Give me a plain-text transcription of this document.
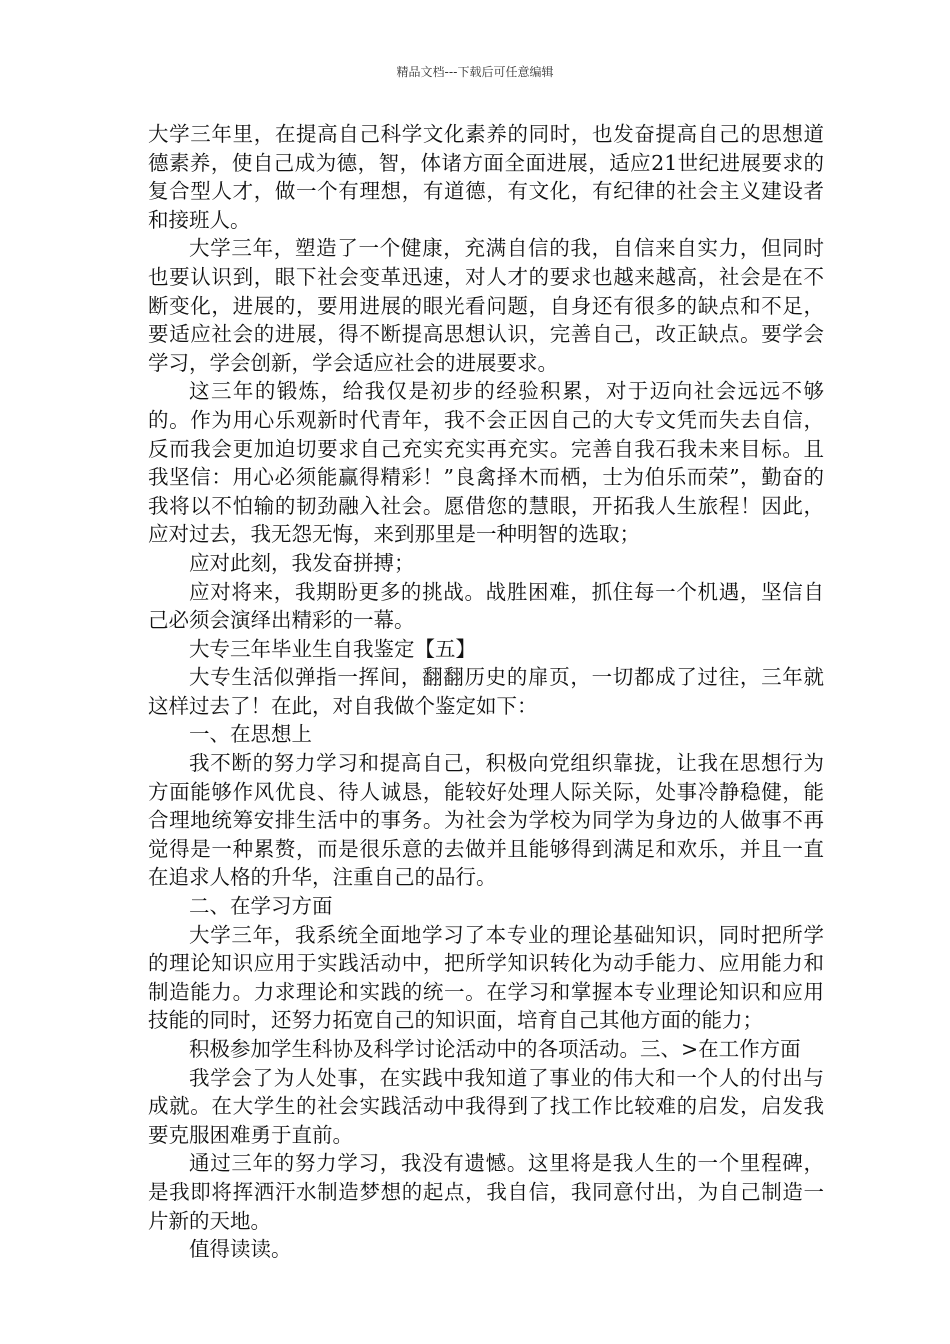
精品文档---下载后可任意编辑

大学三年里，在提高自己科学文化素养的同时，也发奋提高自己的思想道德素养，使自己成为德，智，体诸方面全面进展，适应21世纪进展要求的复合型人才，做一个有理想，有道德，有文化，有纪律的社会主义建设者和接班人。

大学三年，塑造了一个健康，充满自信的我，自信来自实力，但同时也要认识到，眼下社会变革迅速，对人才的要求也越来越高，社会是在不断变化，进展的，要用进展的眼光看问题，自身还有很多的缺点和不足，要适应社会的进展，得不断提高思想认识，完善自己，改正缺点。要学会学习，学会创新，学会适应社会的进展要求。

这三年的锻炼，给我仅是初步的经验积累，对于迈向社会远远不够的。作为用心乐观新时代青年，我不会正因自己的大专文凭而失去自信，反而我会更加迫切要求自己充实充实再充实。完善自我石我未来目标。且我坚信：用心必须能赢得精彩！”良禽择木而栖，士为伯乐而荣”，勤奋的我将以不怕输的韧劲融入社会。愿借您的慧眼，开拓我人生旅程！因此，应对过去，我无怨无悔，来到那里是一种明智的选取；

应对此刻，我发奋拼搏；

应对将来，我期盼更多的挑战。战胜困难，抓住每一个机遇，坚信自己必须会演绎出精彩的一幕。

大专三年毕业生自我鉴定【五】

大专生活似弹指一挥间，翻翻历史的扉页，一切都成了过往，三年就这样过去了！在此，对自我做个鉴定如下：

一、在思想上

我不断的努力学习和提高自己，积极向党组织靠拢，让我在思想行为方面能够作风优良、待人诚恳，能较好处理人际关际，处事冷静稳健，能合理地统筹安排生活中的事务。为社会为学校为同学为身边的人做事不再觉得是一种累赘，而是很乐意的去做并且能够得到满足和欢乐，并且一直在追求人格的升华，注重自己的品行。

二、在学习方面

大学三年，我系统全面地学习了本专业的理论基础知识，同时把所学的理论知识应用于实践活动中，把所学知识转化为动手能力、应用能力和制造能力。力求理论和实践的统一。在学习和掌握本专业理论知识和应用技能的同时，还努力拓宽自己的知识面，培育自己其他方面的能力；

积极参加学生科协及科学讨论活动中的各项活动。三、>在工作方面

我学会了为人处事，在实践中我知道了事业的伟大和一个人的付出与成就。在大学生的社会实践活动中我得到了找工作比较难的启发，启发我要克服困难勇于直前。

通过三年的努力学习，我没有遗憾。这里将是我人生的一个里程碑，是我即将挥洒汗水制造梦想的起点，我自信，我同意付出，为自己制造一片新的天地。

值得读读。
